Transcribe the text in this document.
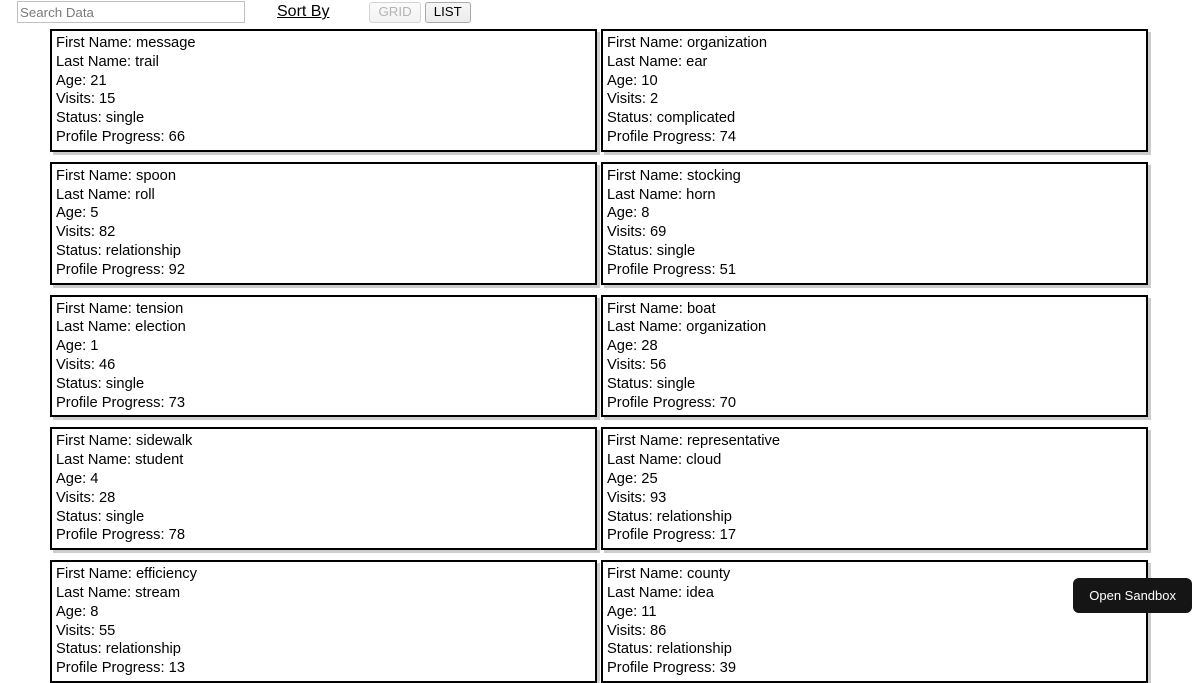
Search Data
Sort By	GRID	LIST
First Name: message
Last Name: trail
Age: 21
Visits: 15
Status: single
Profile Progress: 66
First Name: organization
Last Name: ear
Age: 10
Visits: 2
Status: complicated
Profile Progress: 74
First Name: spoon
Last Name: roll
Age: 5
Visits: 82
Status: relationship
Profile Progress: 92
First Name: stocking
Last Name: horn
Age: 8
Visits: 69
Status: single
Profile Progress: 51
First Name: tension
Last Name: election
Age: 1
Visits: 46
Status: single
Profile Progress: 73
First Name: boat
Last Name: organization
Age: 28
Visits: 56
Status: single
Profile Progress: 70
First Name: sidewalk
Last Name: student
Age: 4
Visits: 28
Status: single
Profile Progress: 78
First Name: representative
Last Name: cloud
Age: 25
Visits: 93
Status: relationship
Profile Progress: 17
First Name: efficiency
Last Name: stream
Age: 8
Visits: 55
Status: relationship
Profile Progress: 13
First Name: county
Last Name: idea
Age: 11
Visits: 86
Status: relationship
Profile Progress: 39
Open Sandbox
